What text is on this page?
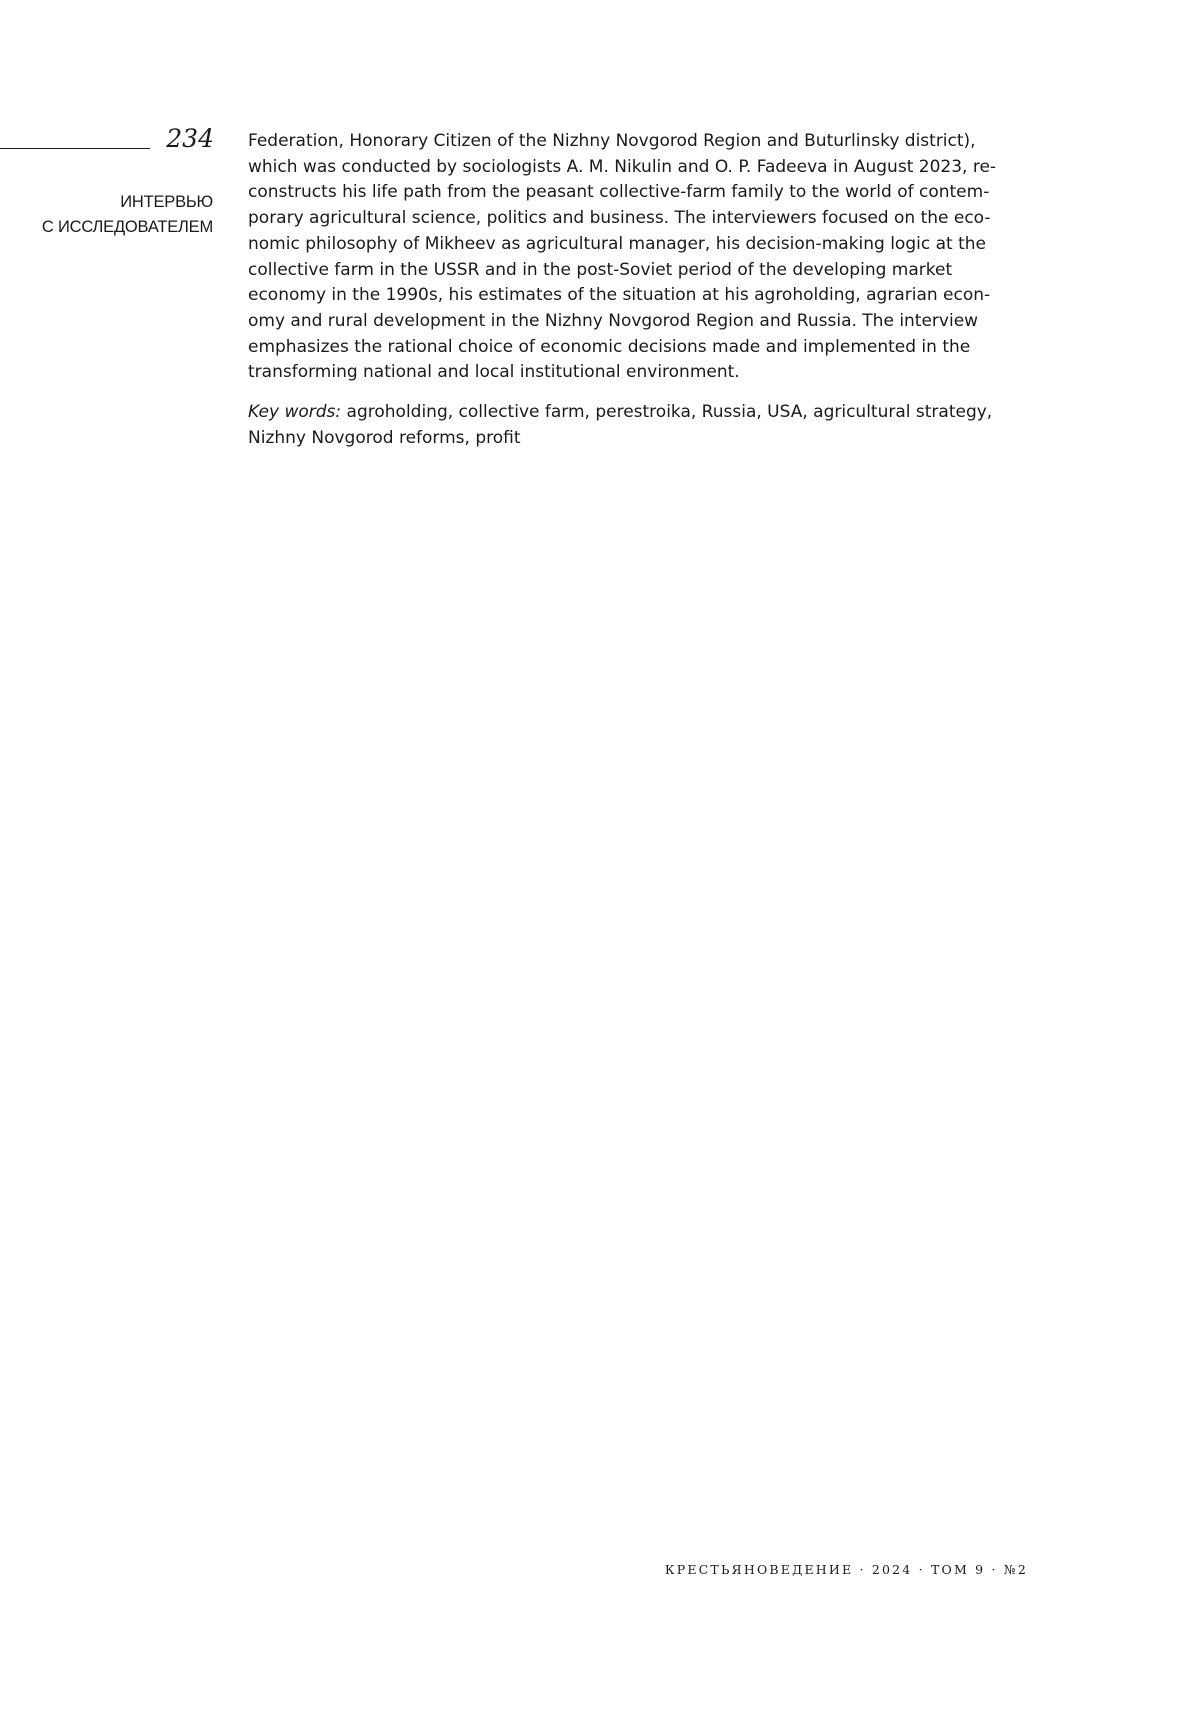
234
ИНТЕРВЬЮ
С ИССЛЕДОВАТЕЛЕМ
Federation, Honorary Citizen of the Nizhny Novgorod Region and Buturlinsky district),
which was conducted by sociologists A. M. Nikulin and O. P. Fadeeva in August 2023, re-
constructs his life path from the peasant collective-farm family to the world of contem-
porary agricultural science, politics and business. The interviewers focused on the eco-
nomic philosophy of Mikheev as agricultural manager, his decision-making logic at the
collective farm in the USSR and in the post-Soviet period of the developing market
economy in the 1990s, his estimates of the situation at his agroholding, agrarian econ-
omy and rural development in the Nizhny Novgorod Region and Russia. The interview
emphasizes the rational choice of economic decisions made and implemented in the
transforming national and local institutional environment.
Key words: agroholding, collective farm, perestroika, Russia, USA, agricultural strategy,
Nizhny Novgorod reforms, profit
КРЕСТЬЯНОВЕДЕНИЕ · 2024 · ТОМ 9 · №2
